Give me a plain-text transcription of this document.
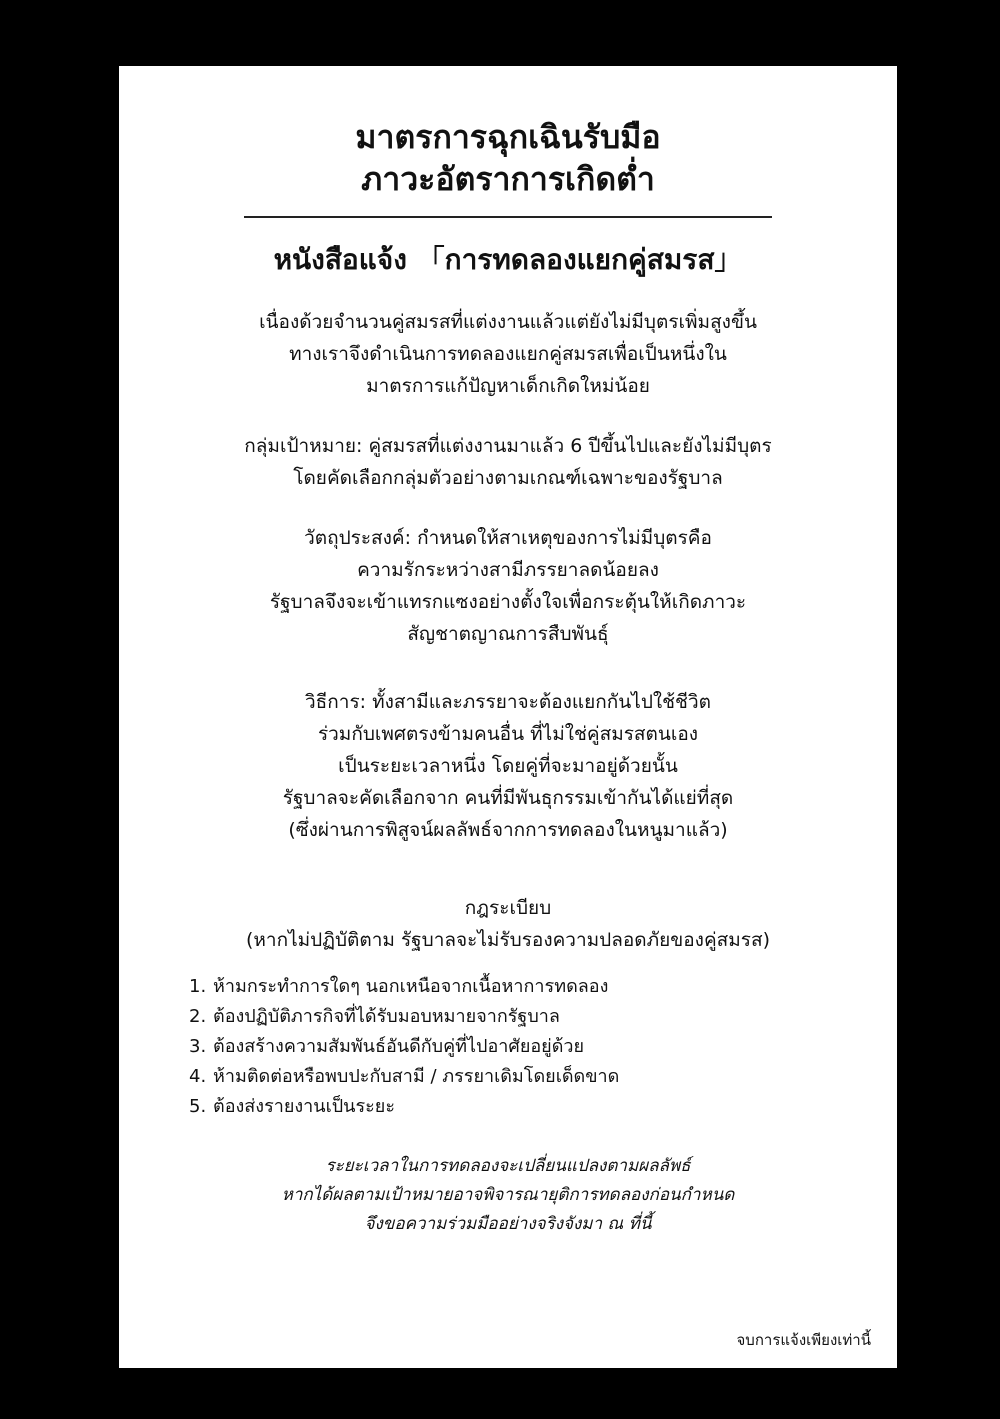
มาตรการฉุกเฉินรับมือ

ภาวะอัตราการเกิดต่ำ

หนังสือแจ้ง 「การทดลองแยกคู่สมรส」

เนื่องด้วยจำนวนคู่สมรสที่แต่งงานแล้วแต่ยังไม่มีบุตรเพิ่มสูงขึ้น
ทางเราจึงดำเนินการทดลองแยกคู่สมรสเพื่อเป็นหนึ่งใน
มาตรการแก้ปัญหาเด็กเกิดใหม่น้อย

กลุ่มเป้าหมาย: คู่สมรสที่แต่งงานมาแล้ว 6 ปีขึ้นไปและยังไม่มีบุตร
โดยคัดเลือกกลุ่มตัวอย่างตามเกณฑ์เฉพาะของรัฐบาล

วัตถุประสงค์: กำหนดให้สาเหตุของการไม่มีบุตรคือ
ความรักระหว่างสามีภรรยาลดน้อยลง
รัฐบาลจึงจะเข้าแทรกแซงอย่างตั้งใจเพื่อกระตุ้นให้เกิดภาวะ
สัญชาตญาณการสืบพันธุ์

วิธีการ: ทั้งสามีและภรรยาจะต้องแยกกันไปใช้ชีวิต
ร่วมกับเพศตรงข้ามคนอื่น ที่ไม่ใช่คู่สมรสตนเอง
เป็นระยะเวลาหนึ่ง โดยคู่ที่จะมาอยู่ด้วยนั้น
รัฐบาลจะคัดเลือกจาก คนที่มีพันธุกรรมเข้ากันได้แย่ที่สุด
(ซึ่งผ่านการพิสูจน์ผลลัพธ์จากการทดลองในหนูมาแล้ว)

กฎระเบียบ
(หากไม่ปฏิบัติตาม รัฐบาลจะไม่รับรองความปลอดภัยของคู่สมรส)

1. ห้ามกระทำการใดๆ นอกเหนือจากเนื้อหาการทดลอง
2. ต้องปฏิบัติภารกิจที่ได้รับมอบหมายจากรัฐบาล
3. ต้องสร้างความสัมพันธ์อันดีกับคู่ที่ไปอาศัยอยู่ด้วย
4. ห้ามติดต่อหรือพบปะกับสามี / ภรรยาเดิมโดยเด็ดขาด
5. ต้องส่งรายงานเป็นระยะ

ระยะเวลาในการทดลองจะเปลี่ยนแปลงตามผลลัพธ์
หากได้ผลตามเป้าหมายอาจพิจารณายุติการทดลองก่อนกำหนด
จึงขอความร่วมมืออย่างจริงจังมา ณ ที่นี้

จบการแจ้งเพียงเท่านี้
